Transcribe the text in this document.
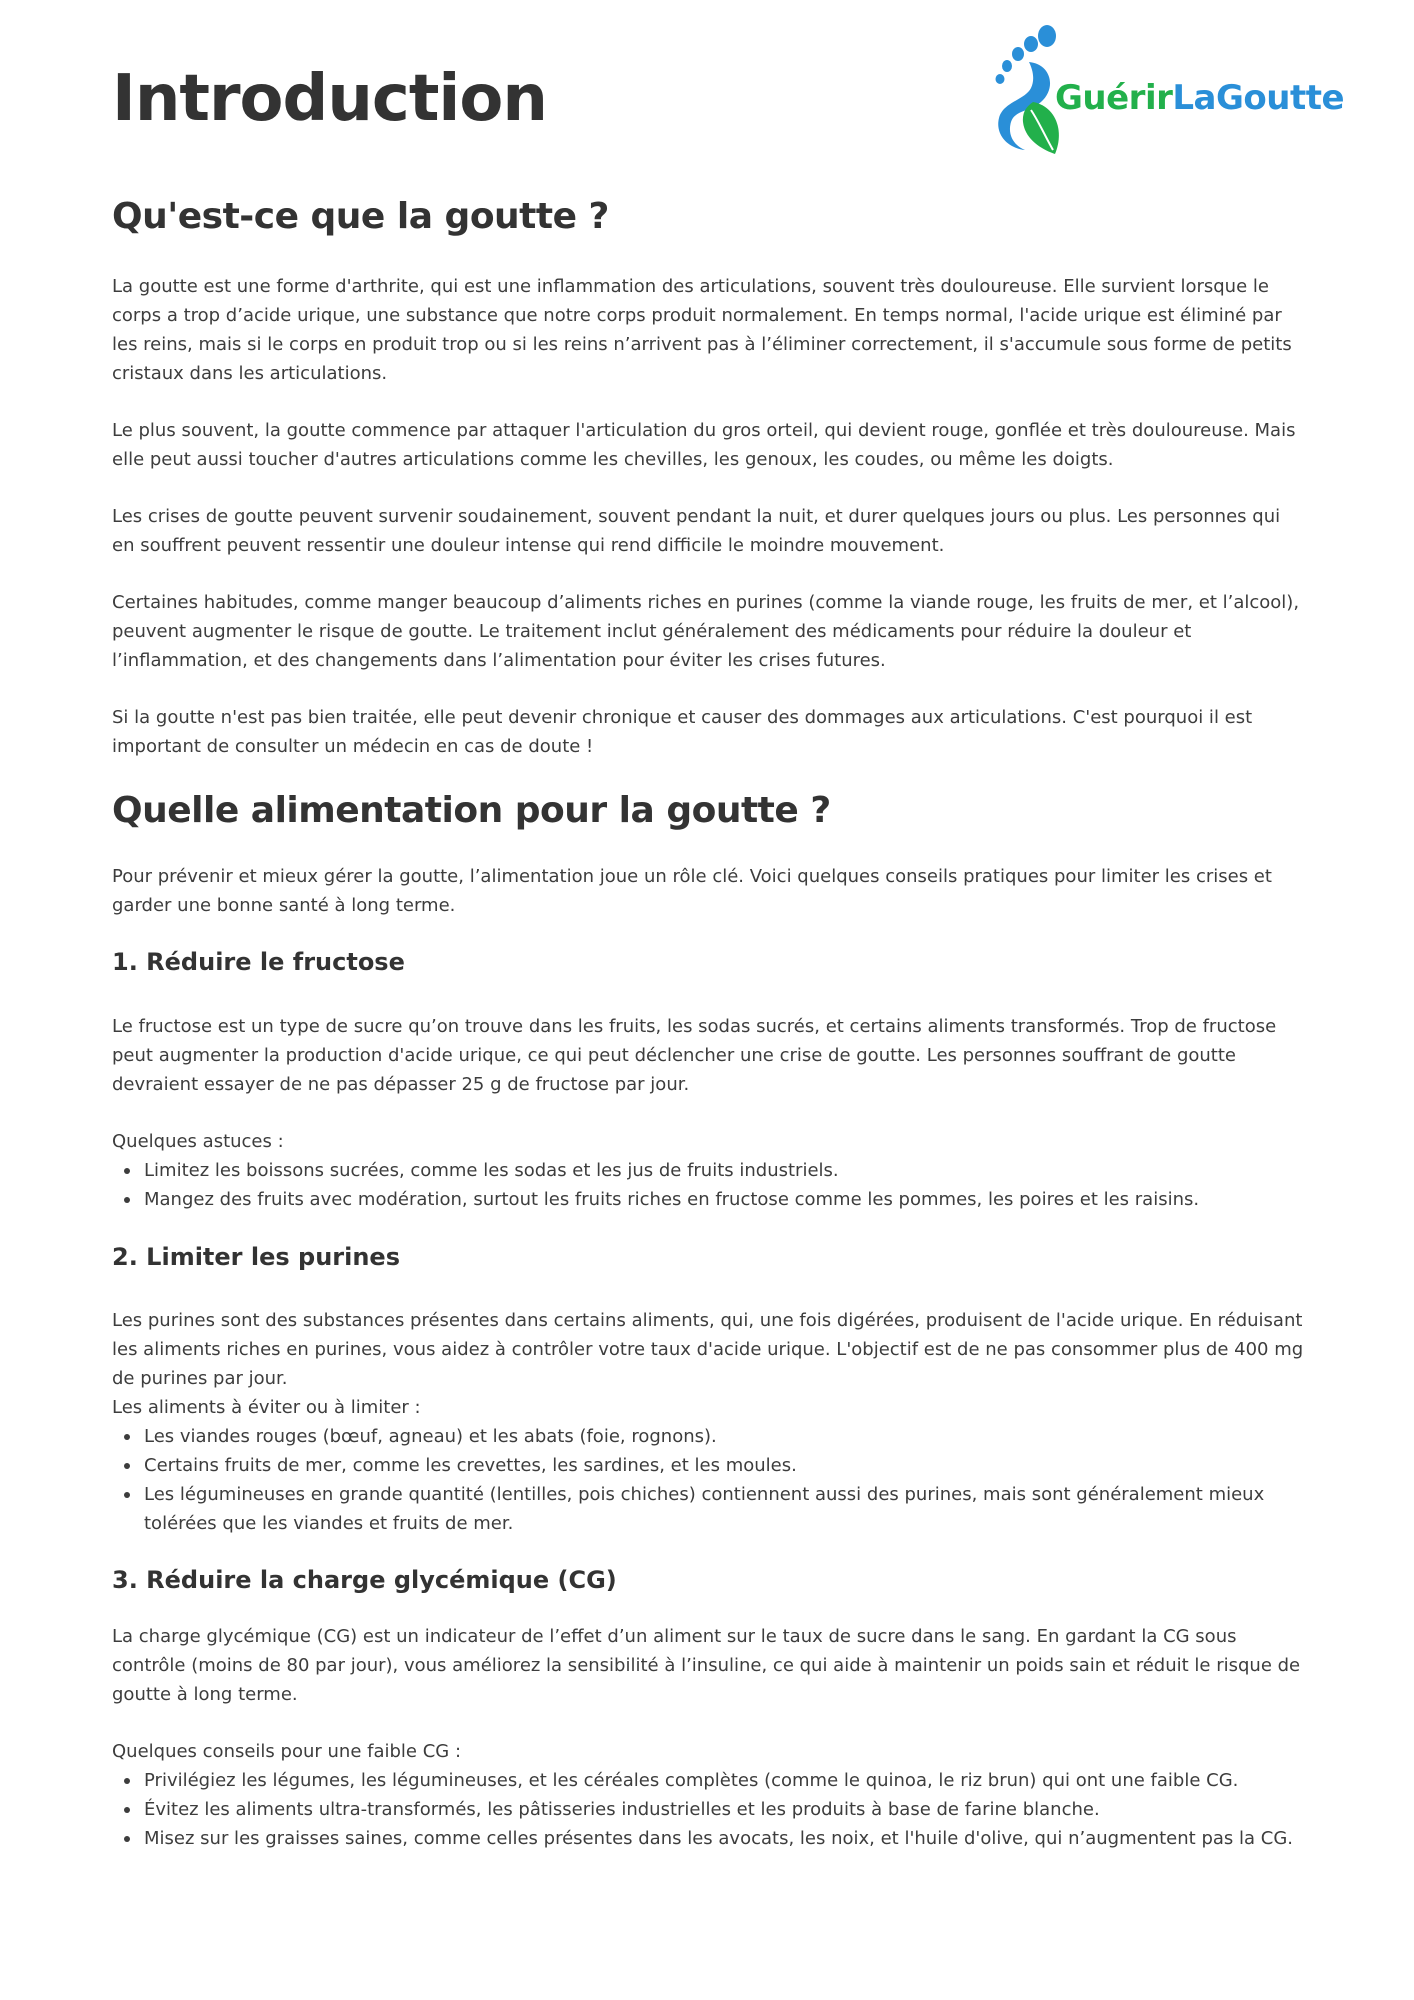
GuérirLaGoutte
Introduction
Qu'est-ce que la goutte ?

La goutte est une forme d'arthrite, qui est une inflammation des articulations, souvent très douloureuse. Elle survient lorsque le corps a trop d’acide urique, une substance que notre corps produit normalement. En temps normal, l'acide urique est éliminé par les reins, mais si le corps en produit trop ou si les reins n’arrivent pas à l’éliminer correctement, il s'accumule sous forme de petits cristaux dans les articulations.

Le plus souvent, la goutte commence par attaquer l'articulation du gros orteil, qui devient rouge, gonflée et très douloureuse. Mais elle peut aussi toucher d'autres articulations comme les chevilles, les genoux, les coudes, ou même les doigts.

Les crises de goutte peuvent survenir soudainement, souvent pendant la nuit, et durer quelques jours ou plus. Les personnes qui en souffrent peuvent ressentir une douleur intense qui rend difficile le moindre mouvement.

Certaines habitudes, comme manger beaucoup d’aliments riches en purines (comme la viande rouge, les fruits de mer, et l’alcool), peuvent augmenter le risque de goutte. Le traitement inclut généralement des médicaments pour réduire la douleur et l’inflammation, et des changements dans l’alimentation pour éviter les crises futures.

Si la goutte n'est pas bien traitée, elle peut devenir chronique et causer des dommages aux articulations. C'est pourquoi il est important de consulter un médecin en cas de doute !

Quelle alimentation pour la goutte ?

Pour prévenir et mieux gérer la goutte, l’alimentation joue un rôle clé. Voici quelques conseils pratiques pour limiter les crises et garder une bonne santé à long terme.

1. Réduire le fructose

Le fructose est un type de sucre qu’on trouve dans les fruits, les sodas sucrés, et certains aliments transformés. Trop de fructose peut augmenter la production d'acide urique, ce qui peut déclencher une crise de goutte. Les personnes souffrant de goutte devraient essayer de ne pas dépasser 25 g de fructose par jour.

Quelques astuces :

Limitez les boissons sucrées, comme les sodas et les jus de fruits industriels.
Mangez des fruits avec modération, surtout les fruits riches en fructose comme les pommes, les poires et les raisins.
2. Limiter les purines

Les purines sont des substances présentes dans certains aliments, qui, une fois digérées, produisent de l'acide urique. En réduisant les aliments riches en purines, vous aidez à contrôler votre taux d'acide urique. L'objectif est de ne pas consommer plus de 400 mg de purines par jour.

Les aliments à éviter ou à limiter :

Les viandes rouges (bœuf, agneau) et les abats (foie, rognons).
Certains fruits de mer, comme les crevettes, les sardines, et les moules.
Les légumineuses en grande quantité (lentilles, pois chiches) contiennent aussi des purines, mais sont généralement mieux tolérées que les viandes et fruits de mer.
3. Réduire la charge glycémique (CG)

La charge glycémique (CG) est un indicateur de l’effet d’un aliment sur le taux de sucre dans le sang. En gardant la CG sous contrôle (moins de 80 par jour), vous améliorez la sensibilité à l’insuline, ce qui aide à maintenir un poids sain et réduit le risque de goutte à long terme.

Quelques conseils pour une faible CG :

Privilégiez les légumes, les légumineuses, et les céréales complètes (comme le quinoa, le riz brun) qui ont une faible CG.
Évitez les aliments ultra-transformés, les pâtisseries industrielles et les produits à base de farine blanche.
Misez sur les graisses saines, comme celles présentes dans les avocats, les noix, et l'huile d'olive, qui n’augmentent pas la CG.
